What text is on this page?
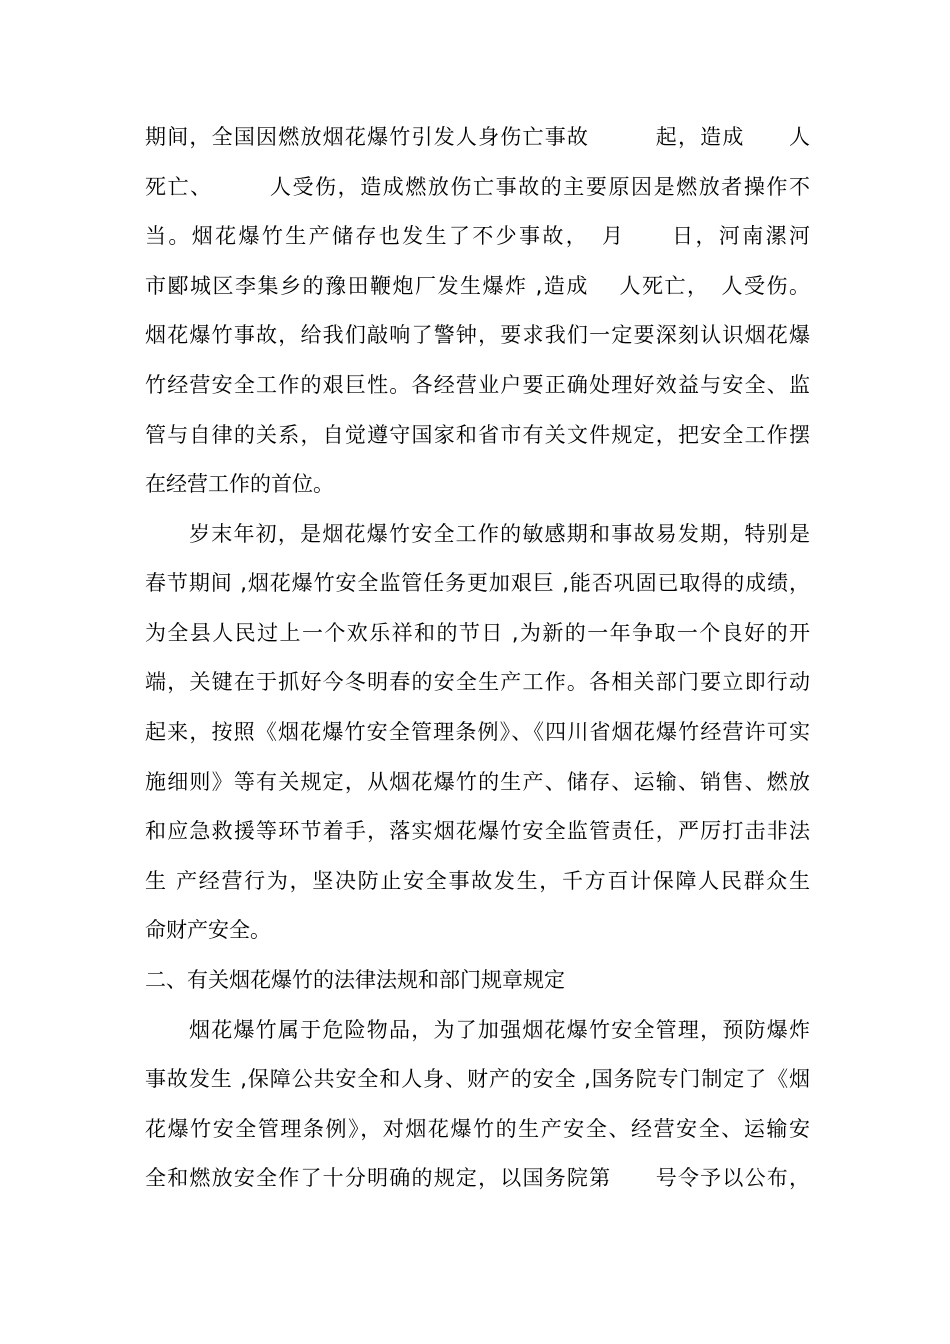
期间，全国因燃放烟花爆竹引发人身伤亡事故　　　起，造成　　人
死亡、　　　人受伤，造成燃放伤亡事故的主要原因是燃放者操作不
当。烟花爆竹生产储存也发生了不少事故，　月　　日，河南漯河
市郾城区李集乡的豫田鞭炮厂发生爆炸 ,造成　 人死亡，　人受伤。
烟花爆竹事故，给我们敲响了警钟，要求我们一定要深刻认识烟花爆
竹经营安全工作的艰巨性。各经营业户要正确处理好效益与安全、监
管与自律的关系，自觉遵守国家和省市有关文件规定，把安全工作摆
在经营工作的首位。
岁末年初，是烟花爆竹安全工作的敏感期和事故易发期，特别是
春节期间 ,烟花爆竹安全监管任务更加艰巨 ,能否巩固已取得的成绩，
为全县人民过上一个欢乐祥和的节日 ,为新的一年争取一个良好的开
端，关键在于抓好今冬明春的安全生产工作。各相关部门要立即行动
起来，按照《烟花爆竹安全管理条例》、《四川省烟花爆竹经营许可实
施细则》等有关规定，从烟花爆竹的生产、储存、运输、销售、燃放
和应急救援等环节着手，落实烟花爆竹安全监管责任，严厉打击非法
生 产经营行为，坚决防止安全事故发生，千方百计保障人民群众生
命财产安全。
二、有关烟花爆竹的法律法规和部门规章规定
烟花爆竹属于危险物品，为了加强烟花爆竹安全管理，预防爆炸
事故发生 ,保障公共安全和人身、财产的安全 ,国务院专门制定了《烟
花爆竹安全管理条例》，对烟花爆竹的生产安全、经营安全、运输安
全和燃放安全作了十分明确的规定，以国务院第　　号令予以公布，
